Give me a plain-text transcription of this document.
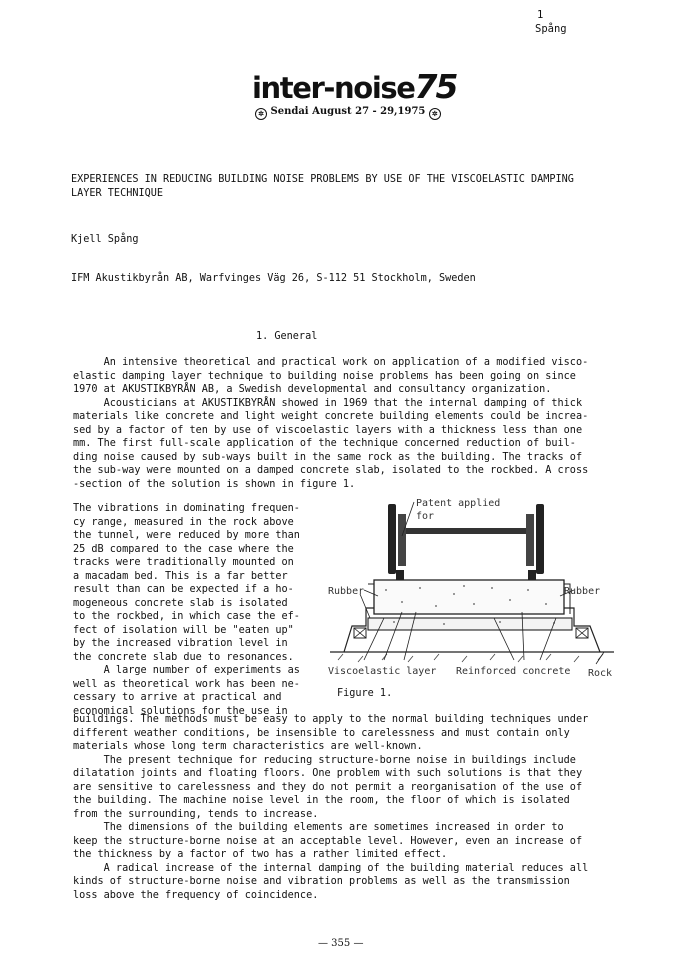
1
Spång
inter-noise75
✲ Sendai August 27 - 29,1975 ✲
EXPERIENCES IN REDUCING BUILDING NOISE PROBLEMS BY USE OF THE VISCOELASTIC DAMPING
LAYER TECHNIQUE
Kjell Spång
IFM Akustikbyrån AB, Warfvinges Väg 26, S-112 51 Stockholm, Sweden
1. General

An intensive theoretical and practical work on application of a modified visco-
elastic damping layer technique to building noise problems has been going on since
1970 at AKUSTIKBYRÅN AB, a Swedish developmental and consultancy organization.
Acousticians at AKUSTIKBYRÅN showed in 1969 that the internal damping of thick
materials like concrete and light weight concrete building elements could be increa-
sed by a factor of ten by use of viscoelastic layers with a thickness less than one
mm. The first full-scale application of the technique concerned reduction of buil-
ding noise caused by sub-ways built in the same rock as the building. The tracks of
the sub-way were mounted on a damped concrete slab, isolated to the rockbed. A cross
-section of the solution is shown in figure 1.

The vibrations in dominating frequen-
cy range, measured in the rock above
the tunnel, were reduced by more than
25 dB compared to the case where the
tracks were traditionally mounted on
a macadam bed. This is a far better
result than can be expected if a ho-
mogeneous concrete slab is isolated
to the rockbed, in which case the ef-
fect of isolation will be "eaten up"
by the increased vibration level in
the concrete slab due to resonances.
A large number of experiments as
well as theoretical work has been ne-
cessary to arrive at practical and
economical solutions for the use in

Patent applied
for
Rubber	Rubber
Viscoelastic layer Reinforced concrete Rock
Figure 1.

buildings. The methods must be easy to apply to the normal building techniques under
different weather conditions, be insensible to carelessness and must contain only
materials whose long term characteristics are well-known.
The present technique for reducing structure-borne noise in buildings include
dilatation joints and floating floors. One problem with such solutions is that they
are sensitive to carelessness and they do not permit a reorganisation of the use of
the building. The machine noise level in the room, the floor of which is isolated
from the surrounding, tends to increase.
The dimensions of the building elements are sometimes increased in order to
keep the structure-borne noise at an acceptable level. However, even an increase of
the thickness by a factor of two has a rather limited effect.
A radical increase of the internal damping of the building material reduces all
kinds of structure-borne noise and vibration problems as well as the transmission
loss above the frequency of coincidence.

— 355 —
